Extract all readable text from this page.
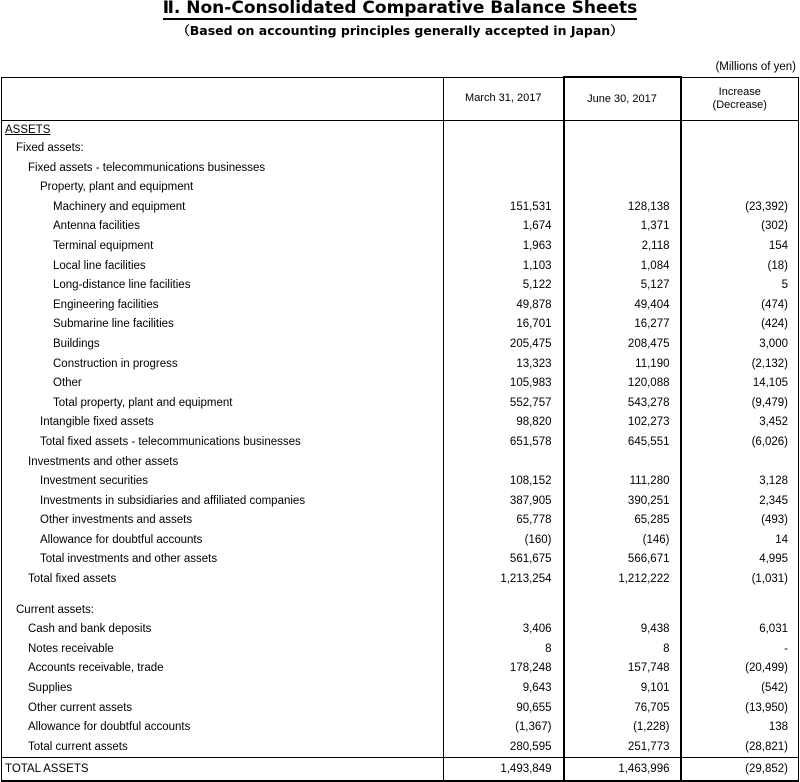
Ⅱ. Non-Consolidated Comparative Balance Sheets
（Based on accounting principles generally accepted in Japan）
(Millions of yen)
	March 31, 2017	June 30, 2017	Increase
(Decrease)

ASSETS			
Fixed assets:			
Fixed assets - telecommunications businesses			
Property, plant and equipment			
Machinery and equipment	151,531	128,138	(23,392)
Antenna facilities	1,674	1,371	(302)
Terminal equipment	1,963	2,118	154
Local line facilities	1,103	1,084	(18)
Long-distance line facilities	5,122	5,127	5
Engineering facilities	49,878	49,404	(474)
Submarine line facilities	16,701	16,277	(424)
Buildings	205,475	208,475	3,000
Construction in progress	13,323	11,190	(2,132)
Other	105,983	120,088	14,105
Total property, plant and equipment	552,757	543,278	(9,479)
Intangible fixed assets	98,820	102,273	3,452
Total fixed assets - telecommunications businesses	651,578	645,551	(6,026)
Investments and other assets			
Investment securities	108,152	111,280	3,128
Investments in subsidiaries and affiliated companies	387,905	390,251	2,345
Other investments and assets	65,778	65,285	(493)
Allowance for doubtful accounts	(160)	(146)	14
Total investments and other assets	561,675	566,671	4,995
Total fixed assets	1,213,254	1,212,222	(1,031)

Current assets:			
Cash and bank deposits	3,406	9,438	6,031
Notes receivable	8	8	-
Accounts receivable, trade	178,248	157,748	(20,499)
Supplies	9,643	9,101	(542)
Other current assets	90,655	76,705	(13,950)
Allowance for doubtful accounts	(1,367)	(1,228)	138
Total current assets	280,595	251,773	(28,821)
TOTAL ASSETS	1,493,849	1,463,996	(29,852)
